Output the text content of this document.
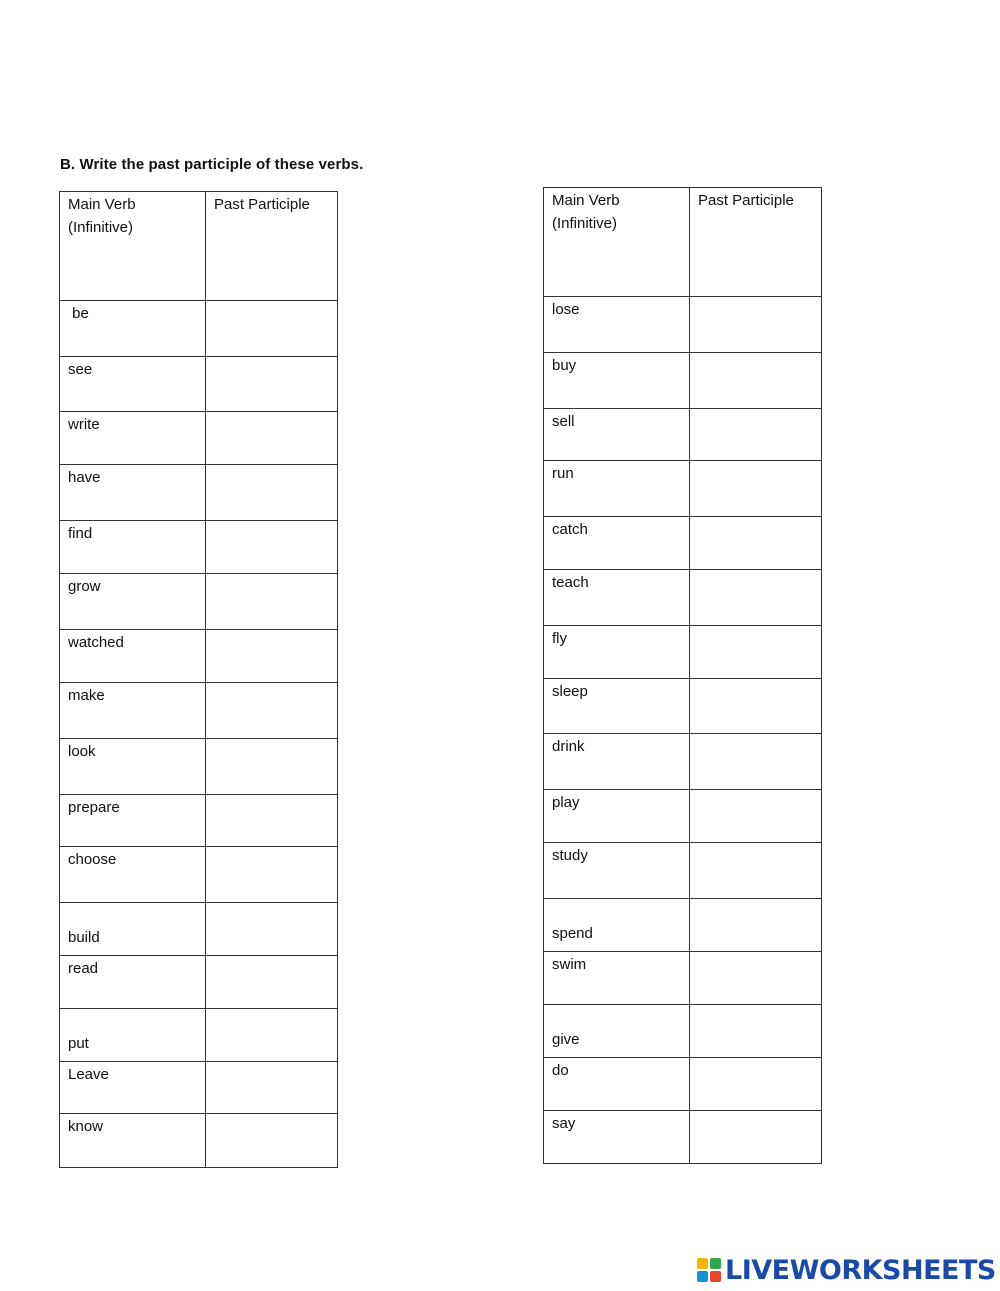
B. Write the past participle of these verbs.
Main Verb
(Infinitive)	Past Participle

be	

see	

write	

have	

find	

grow	

watched	

make	

look	

prepare	

choose	

build	

read	

put	

Leave	

know	

Main Verb
(Infinitive)	Past Participle

lose	

buy	

sell	

run	

catch	

teach	

fly	

sleep	

drink	

play	

study	

spend	

swim	

give	

do	

say	

LIVEWORKSHEETS
